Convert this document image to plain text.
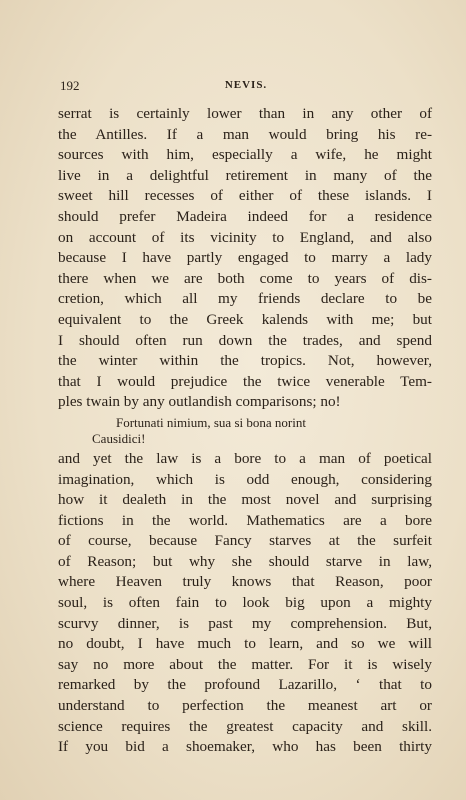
192	NEVIS.
serrat is certainly lower than in any other of
the Antilles. If a man would bring his re-
sources with him, especially a wife, he might
live in a delightful retirement in many of the
sweet hill recesses of either of these islands. I
should prefer Madeira indeed for a residence
on account of its vicinity to England, and also
because I have partly engaged to marry a lady
there when we are both come to years of dis-
cretion, which all my friends declare to be
equivalent to the Greek kalends with me; but
I should often run down the trades, and spend
the winter within the tropics. Not, however,
that I would prejudice the twice venerable Tem-
ples twain by any outlandish comparisons; no!
Fortunati nimium, sua si bona norint
Causidici!
and yet the law is a bore to a man of poetical
imagination, which is odd enough, considering
how it dealeth in the most novel and surprising
fictions in the world. Mathematics are a bore
of course, because Fancy starves at the surfeit
of Reason; but why she should starve in law,
where Heaven truly knows that Reason, poor
soul, is often fain to look big upon a mighty
scurvy dinner, is past my comprehension. But,
no doubt, I have much to learn, and so we will
say no more about the matter. For it is wisely
remarked by the profound Lazarillo, ‘ that to
understand to perfection the meanest art or
science requires the greatest capacity and skill.
If you bid a shoemaker, who has been thirty
